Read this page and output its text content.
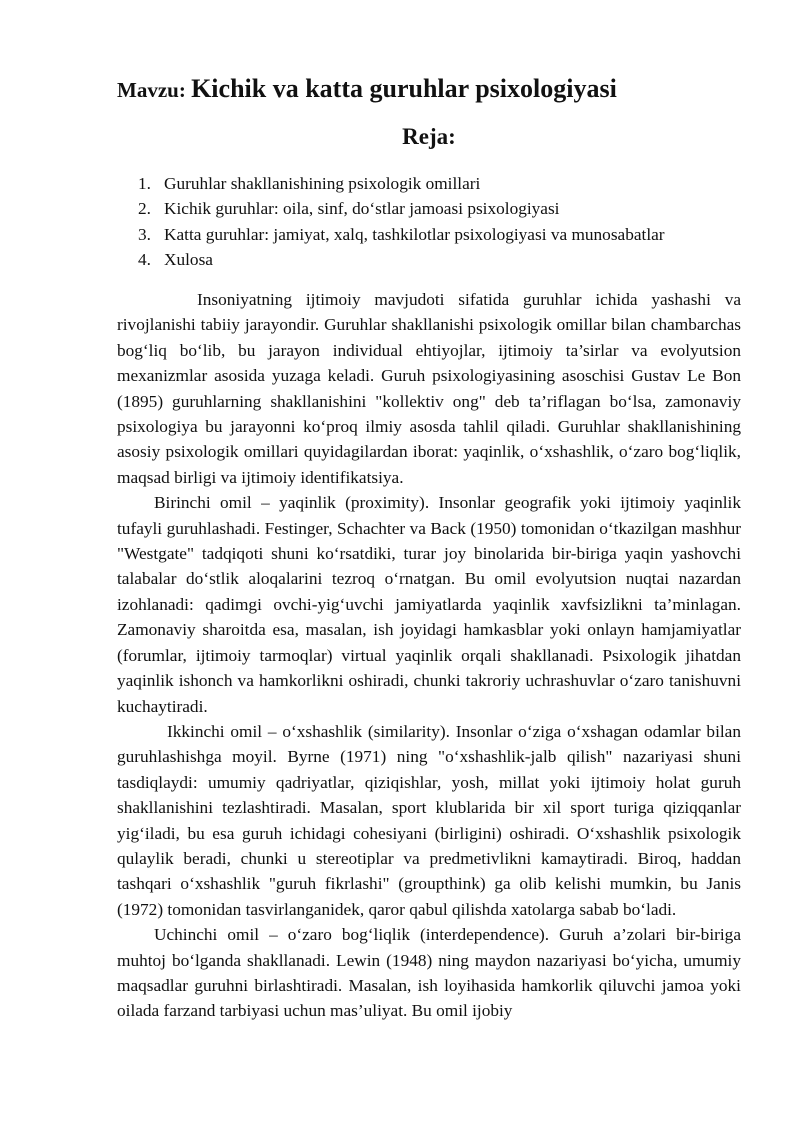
Mavzu: Kichik va katta guruhlar psixologiyasi
Reja:
1. Guruhlar shakllanishining psixologik omillari
2. Kichik guruhlar: oila, sinf, do‘stlar jamoasi psixologiyasi
3. Katta guruhlar: jamiyat, xalq, tashkilotlar psixologiyasi va munosabatlar
4. Xulosa

Insoniyatning ijtimoiy mavjudoti sifatida guruhlar ichida yashashi va rivojlanishi tabiiy jarayondir. Guruhlar shakllanishi psixologik omillar bilan chambarchas bog‘liq bo‘lib, bu jarayon individual ehtiyojlar, ijtimoiy ta’sirlar va evolyutsion mexanizmlar asosida yuzaga keladi. Guruh psixologiyasining asoschisi Gustav Le Bon (1895) guruhlarning shakllanishini "kollektiv ong" deb ta’riflagan bo‘lsa, zamonaviy psixologiya bu jarayonni ko‘proq ilmiy asosda tahlil qiladi. Guruhlar shakllanishining asosiy psixologik omillari quyidagilardan iborat: yaqinlik, o‘xshashlik, o‘zaro bog‘liqlik, maqsad birligi va ijtimoiy identifikatsiya.

Birinchi omil – yaqinlik (proximity). Insonlar geografik yoki ijtimoiy yaqinlik tufayli guruhlashadi. Festinger, Schachter va Back (1950) tomonidan o‘tkazilgan mashhur "Westgate" tadqiqoti shuni ko‘rsatdiki, turar joy binolarida bir-biriga yaqin yashovchi talabalar do‘stlik aloqalarini tezroq o‘rnatgan. Bu omil evolyutsion nuqtai nazardan izohlanadi: qadimgi ovchi-yig‘uvchi jamiyatlarda yaqinlik xavfsizlikni ta’minlagan. Zamonaviy sharoitda esa, masalan, ish joyidagi hamkasblar yoki onlayn hamjamiyatlar (forumlar, ijtimoiy tarmoqlar) virtual yaqinlik orqali shakllanadi. Psixologik jihatdan yaqinlik ishonch va hamkorlikni oshiradi, chunki takroriy uchrashuvlar o‘zaro tanishuvni kuchaytiradi.

Ikkinchi omil – o‘xshashlik (similarity). Insonlar o‘ziga o‘xshagan odamlar bilan guruhlashishga moyil. Byrne (1971) ning "o‘xshashlik-jalb qilish" nazariyasi shuni tasdiqlaydi: umumiy qadriyatlar, qiziqishlar, yosh, millat yoki ijtimoiy holat guruh shakllanishini tezlashtiradi. Masalan, sport klublarida bir xil sport turiga qiziqqanlar yig‘iladi, bu esa guruh ichidagi cohesiyani (birligini) oshiradi. O‘xshashlik psixologik qulaylik beradi, chunki u stereotiplar va predmetivlikni kamaytiradi. Biroq, haddan tashqari o‘xshashlik "guruh fikrlashi" (groupthink) ga olib kelishi mumkin, bu Janis (1972) tomonidan tasvirlanganidek, qaror qabul qilishda xatolarga sabab bo‘ladi.

Uchinchi omil – o‘zaro bog‘liqlik (interdependence). Guruh a’zolari bir-biriga muhtoj bo‘lganda shakllanadi. Lewin (1948) ning maydon nazariyasi bo‘yicha, umumiy maqsadlar guruhni birlashtiradi. Masalan, ish loyihasida hamkorlik qiluvchi jamoa yoki oilada farzand tarbiyasi uchun mas’uliyat. Bu omil ijobiy
